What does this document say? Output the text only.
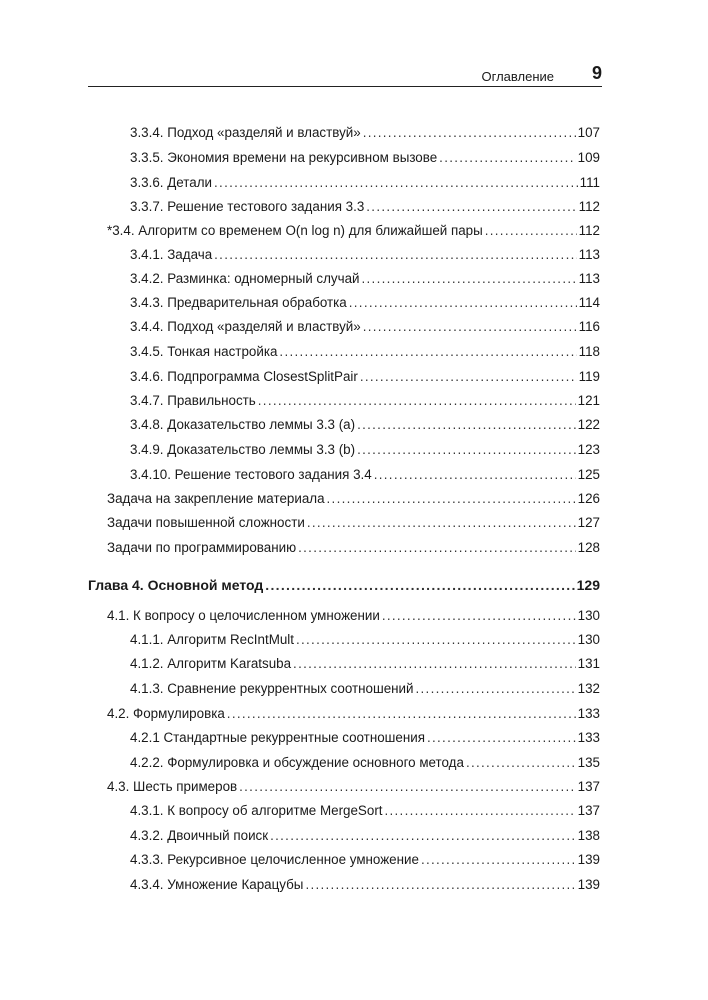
Оглавление 9
3.3.4. Подход «разделяй и властвуй» .....	107
3.3.5. Экономия времени на рекурсивном вызове .....	109
3.3.6. Детали .....	111
3.3.7. Решение тестового задания 3.3 .....	112
*3.4. Алгоритм со временем O(n log n) для ближайшей пары .....	112
3.4.1. Задача .....	113
3.4.2. Разминка: одномерный случай .....	113
3.4.3. Предварительная обработка .....	114
3.4.4. Подход «разделяй и властвуй» .....	116
3.4.5. Тонкая настройка .....	118
3.4.6. Подпрограмма ClosestSplitPair .....	119
3.4.7. Правильность .....	121
3.4.8. Доказательство леммы 3.3 (a) .....	122
3.4.9. Доказательство леммы 3.3 (b) .....	123
3.4.10. Решение тестового задания 3.4 .....	125
Задача на закрепление материала .....	126
Задачи повышенной сложности .....	127
Задачи по программированию .....	128
Глава 4. Основной метод .....	129
4.1. К вопросу о целочисленном умножении .....	130
4.1.1. Алгоритм RecIntMult .....	130
4.1.2. Алгоритм Karatsuba .....	131
4.1.3. Сравнение рекуррентных соотношений .....	132
4.2. Формулировка .....	133
4.2.1 Стандартные рекуррентные соотношения .....	133
4.2.2. Формулировка и обсуждение основного метода .....	135
4.3. Шесть примеров .....	137
4.3.1. К вопросу об алгоритме MergeSort .....	137
4.3.2. Двоичный поиск .....	138
4.3.3. Рекурсивное целочисленное умножение .....	139
4.3.4. Умножение Карацубы .....	139
